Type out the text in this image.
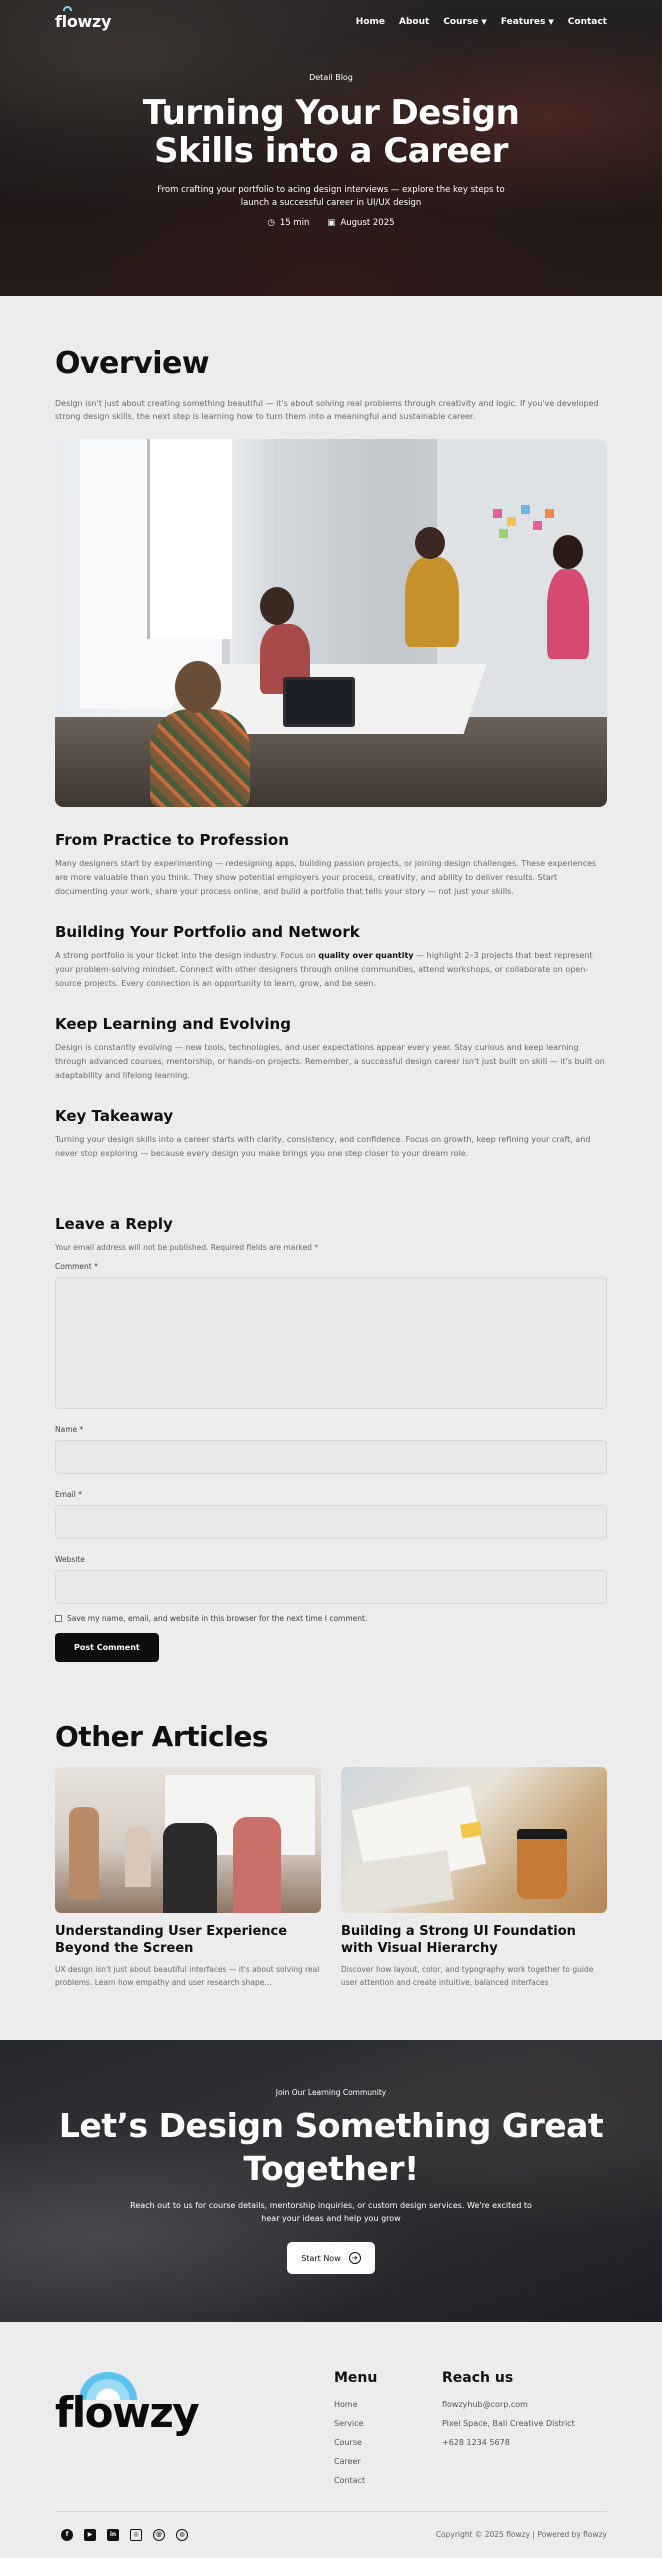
flowzy	Home About Course ▼ Features ▼ Contact
Detail Blog
Turning Your Design Skills into a Career

From crafting your portfolio to acing design interviews — explore the key steps to launch a successful career in UI/UX design

◷ 15 min ▣ August 2025
Overview

Design isn't just about creating something beautiful — it's about solving real problems through creativity and logic. If you've developed strong design skills, the next step is learning how to turn them into a meaningful and sustainable career.

From Practice to Profession

Many designers start by experimenting — redesigning apps, building passion projects, or joining design challenges. These experiences are more valuable than you think. They show potential employers your process, creativity, and ability to deliver results. Start documenting your work, share your process online, and build a portfolio that tells your story — not just your skills.

Building Your Portfolio and Network

A strong portfolio is your ticket into the design industry. Focus on quality over quantity — highlight 2–3 projects that best represent your problem-solving mindset. Connect with other designers through online communities, attend workshops, or collaborate on open-source projects. Every connection is an opportunity to learn, grow, and be seen.

Keep Learning and Evolving

Design is constantly evolving — new tools, technologies, and user expectations appear every year. Stay curious and keep learning through advanced courses, mentorship, or hands-on projects. Remember, a successful design career isn't just built on skill — it's built on adaptability and lifelong learning.

Key Takeaway

Turning your design skills into a career starts with clarity, consistency, and confidence. Focus on growth, keep refining your craft, and never stop exploring — because every design you make brings you one step closer to your dream role.

Leave a Reply

Your email address will not be published. Required fields are marked *

Comment *
Name *
Email *
Website
Save my name, email, and website in this browser for the next time I comment.
Post Comment
Other Articles
Understanding User Experience Beyond the Screen

UX design isn't just about beautiful interfaces — it's about solving real problems. Learn how empathy and user research shape...

Building a Strong UI Foundation with Visual Hierarchy

Discover how layout, color, and typography work together to guide user attention and create intuitive, balanced interfaces

Join Our Learning Community
Let’s Design Something Great Together!

Reach out to us for course details, mentorship inquiries, or custom design services. We're excited to hear your ideas and help you grow

Start Now	➔
flowzy
Menu
Home
Service
Course
Career
Contact
Reach us
flowzyhub@corp.com
Pixel Space, Bali Creative District
+628 1234 5678
f	▶	in	◎	@	◍	Copyright © 2025 flowzy | Powered by flowzy
